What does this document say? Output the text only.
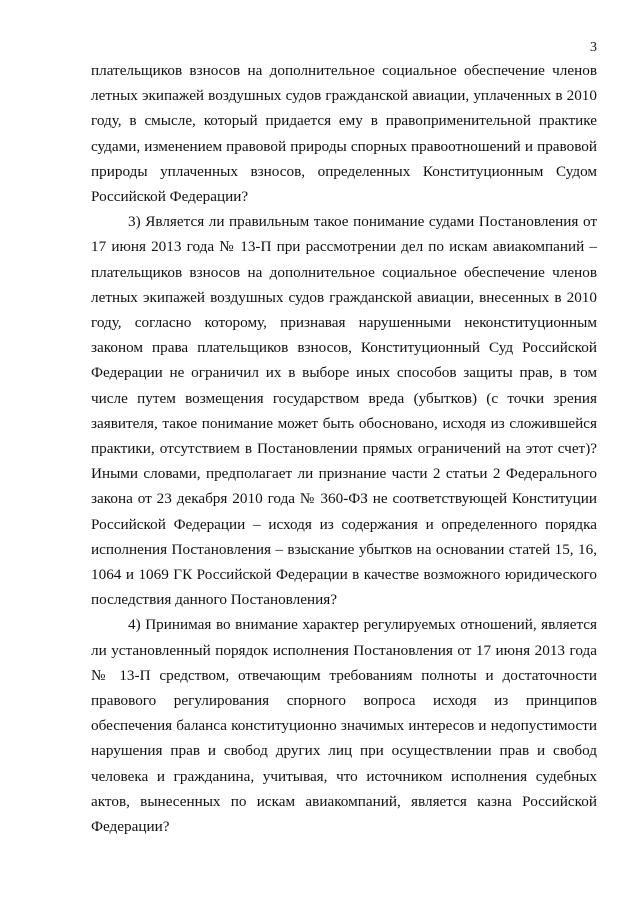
3

плательщиков взносов на дополнительное социальное обеспечение членов летных экипажей воздушных судов гражданской авиации, уплаченных в 2010 году, в смысле, который придается ему в правоприменительной практике судами, изменением правовой природы спорных правоотношений и правовой природы уплаченных взносов, определенных Конституционным Судом Российской Федерации?

3) Является ли правильным такое понимание судами Постановления от 17 июня 2013 года № 13-П при рассмотрении дел по искам авиакомпаний – плательщиков взносов на дополнительное социальное обеспечение членов летных экипажей воздушных судов гражданской авиации, внесенных в 2010 году, согласно которому, признавая нарушенными неконституционным законом права плательщиков взносов, Конституционный Суд Российской Федерации не ограничил их в выборе иных способов защиты прав, в том числе путем возмещения государством вреда (убытков) (с точки зрения заявителя, такое понимание может быть обосновано, исходя из сложившейся практики, отсутствием в Постановлении прямых ограничений на этот счет)? Иными словами, предполагает ли признание части 2 статьи 2 Федерального закона от 23 декабря 2010 года № 360-ФЗ не соответствующей Конституции Российской Федерации – исходя из содержания и определенного порядка исполнения Постановления – взыскание убытков на основании статей 15, 16, 1064 и 1069 ГК Российской Федерации в качестве возможного юридического последствия данного Постановления?

4) Принимая во внимание характер регулируемых отношений, является ли установленный порядок исполнения Постановления от 17 июня 2013 года № 13-П средством, отвечающим требованиям полноты и достаточности правового регулирования спорного вопроса исходя из принципов обеспечения баланса конституционно значимых интересов и недопустимости нарушения прав и свобод других лиц при осуществлении прав и свобод человека и гражданина, учитывая, что источником исполнения судебных актов, вынесенных по искам авиакомпаний, является казна Российской Федерации?
